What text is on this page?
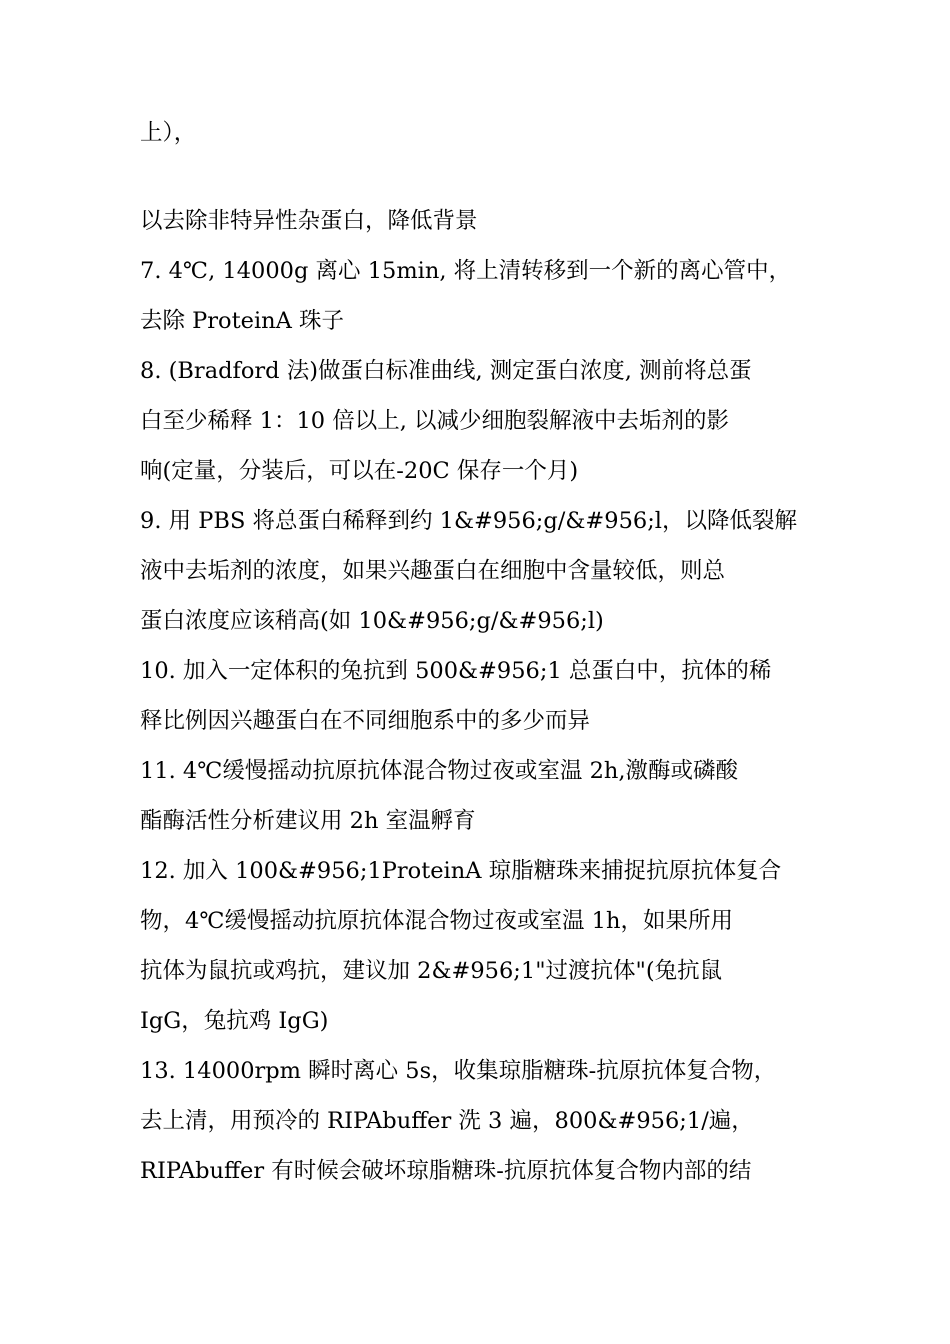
上），
以去除非特异性杂蛋白，降低背景
7. 4℃, 14000g 离心 15min, 将上清转移到一个新的离心管中，
去除 ProteinA 珠子
8. (Bradford 法)做蛋白标准曲线, 测定蛋白浓度, 测前将总蛋
白至少稀释 1：10 倍以上, 以减少细胞裂解液中去垢剂的影
响(定量，分装后，可以在-20C 保存一个月)
9. 用 PBS 将总蛋白稀释到约 1&#956;g/&#956;l，以降低裂解
液中去垢剂的浓度，如果兴趣蛋白在细胞中含量较低，则总
蛋白浓度应该稍高(如 10&#956;g/&#956;l)
10. 加入一定体积的兔抗到 500&#956;1 总蛋白中，抗体的稀
释比例因兴趣蛋白在不同细胞系中的多少而异
11. 4℃缓慢摇动抗原抗体混合物过夜或室温 2h,激酶或磷酸
酯酶活性分析建议用 2h 室温孵育
12. 加入 100&#956;1ProteinA 琼脂糖珠来捕捉抗原抗体复合
物，4℃缓慢摇动抗原抗体混合物过夜或室温 1h，如果所用
抗体为鼠抗或鸡抗，建议加 2&#956;1"过渡抗体"(兔抗鼠
IgG，兔抗鸡 IgG)
13. 14000rpm 瞬时离心 5s，收集琼脂糖珠-抗原抗体复合物，
去上清，用预冷的 RIPAbuffer 洗 3 遍，800&#956;1/遍，
RIPAbuffer 有时候会破坏琼脂糖珠-抗原抗体复合物内部的结
